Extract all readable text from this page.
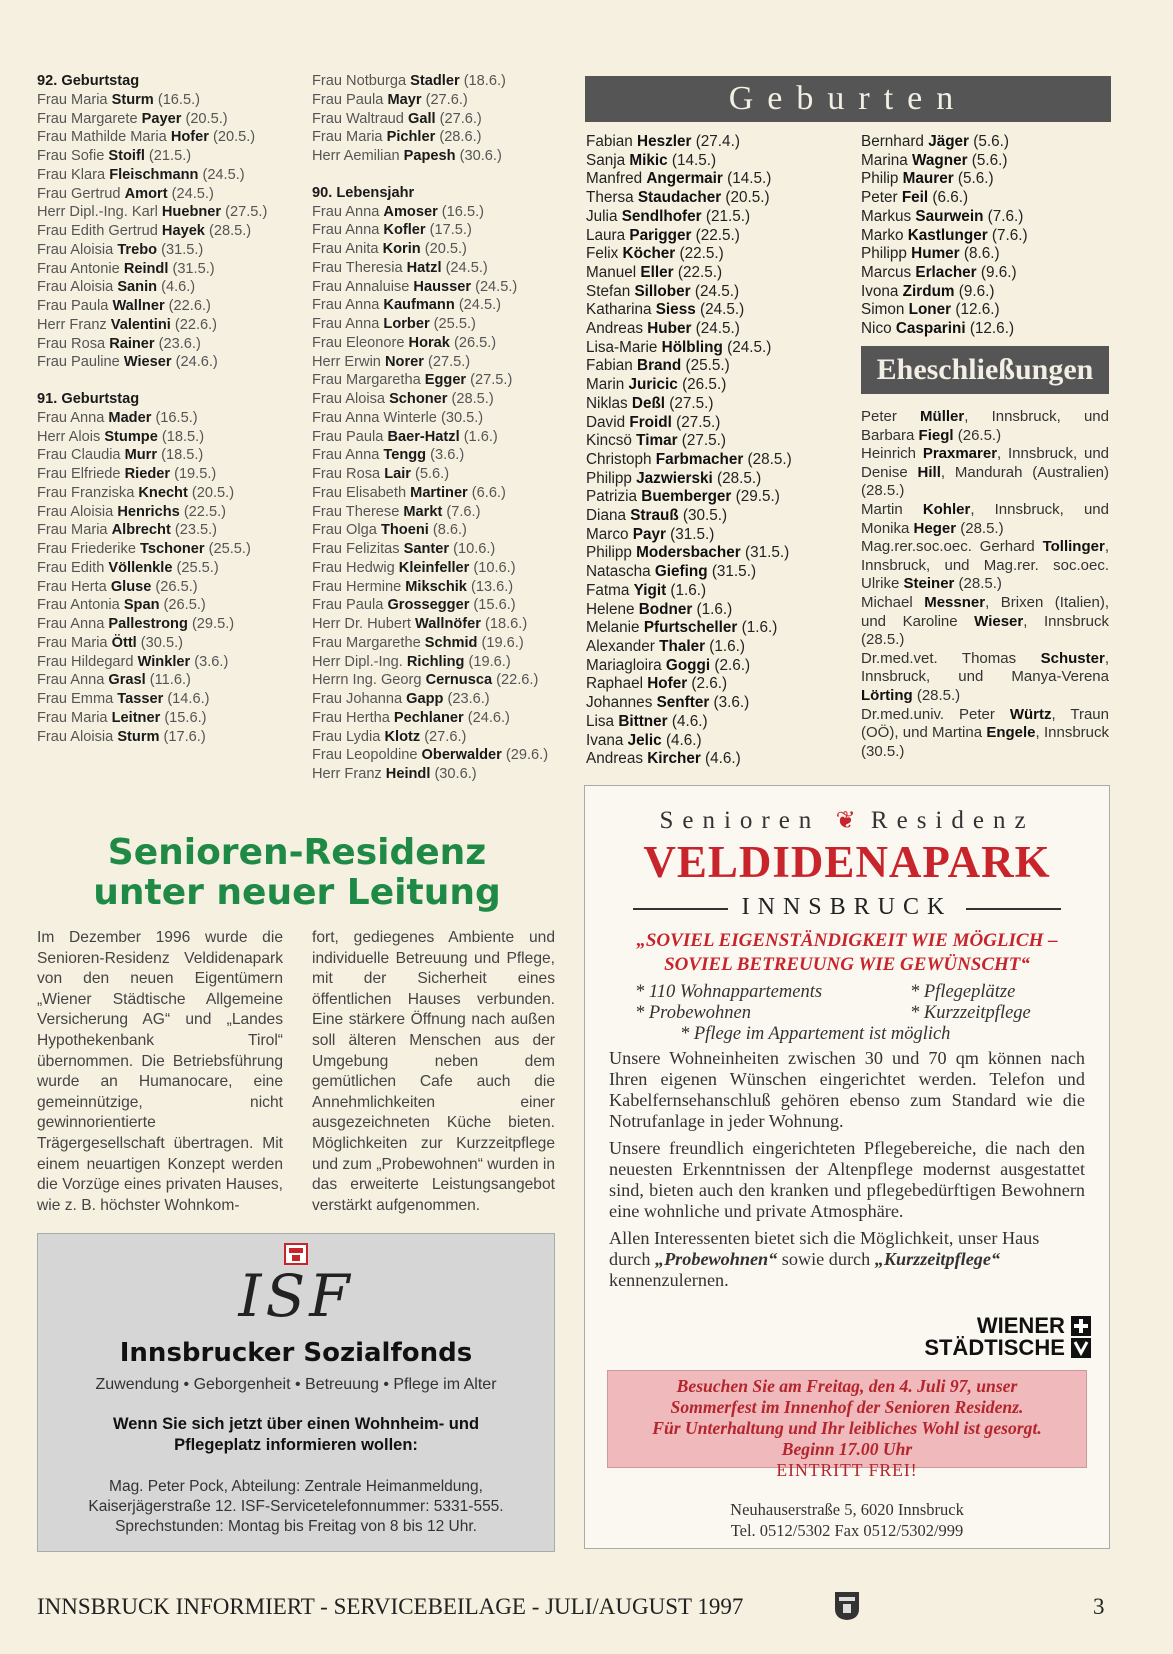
92. Geburtstag
Frau Maria Sturm (16.5.)
Frau Margarete Payer (20.5.)
Frau Mathilde Maria Hofer (20.5.)
Frau Sofie Stoifl (21.5.)
Frau Klara Fleischmann (24.5.)
Frau Gertrud Amort (24.5.)
Herr Dipl.-Ing. Karl Huebner (27.5.)
Frau Edith Gertrud Hayek (28.5.)
Frau Aloisia Trebo (31.5.)
Frau Antonie Reindl (31.5.)
Frau Aloisia Sanin (4.6.)
Frau Paula Wallner (22.6.)
Herr Franz Valentini (22.6.)
Frau Rosa Rainer (23.6.)
Frau Pauline Wieser (24.6.)
91. Geburtstag
Frau Anna Mader (16.5.)
Herr Alois Stumpe (18.5.)
Frau Claudia Murr (18.5.)
Frau Elfriede Rieder (19.5.)
Frau Franziska Knecht (20.5.)
Frau Aloisia Henrichs (22.5.)
Frau Maria Albrecht (23.5.)
Frau Friederike Tschoner (25.5.)
Frau Edith Völlenkle (25.5.)
Frau Herta Gluse (26.5.)
Frau Antonia Span (26.5.)
Frau Anna Pallestrong (29.5.)
Frau Maria Öttl (30.5.)
Frau Hildegard Winkler (3.6.)
Frau Anna Grasl (11.6.)
Frau Emma Tasser (14.6.)
Frau Maria Leitner (15.6.)
Frau Aloisia Sturm (17.6.)
Frau Notburga Stadler (18.6.)
Frau Paula Mayr (27.6.)
Frau Waltraud Gall (27.6.)
Frau Maria Pichler (28.6.)
Herr Aemilian Papesh (30.6.)
90. Lebensjahr
Frau Anna Amoser (16.5.)
Frau Anna Kofler (17.5.)
Frau Anita Korin (20.5.)
Frau Theresia Hatzl (24.5.)
Frau Annaluise Hausser (24.5.)
Frau Anna Kaufmann (24.5.)
Frau Anna Lorber (25.5.)
Frau Eleonore Horak (26.5.)
Herr Erwin Norer (27.5.)
Frau Margaretha Egger (27.5.)
Frau Aloisa Schoner (28.5.)
Frau Anna Winterle (30.5.)
Frau Paula Baer-Hatzl (1.6.)
Frau Anna Tengg (3.6.)
Frau Rosa Lair (5.6.)
Frau Elisabeth Martiner (6.6.)
Frau Therese Markt (7.6.)
Frau Olga Thoeni (8.6.)
Frau Felizitas Santer (10.6.)
Frau Hedwig Kleinfeller (10.6.)
Frau Hermine Mikschik (13.6.)
Frau Paula Grossegger (15.6.)
Herr Dr. Hubert Wallnöfer (18.6.)
Frau Margarethe Schmid (19.6.)
Herr Dipl.-Ing. Richling (19.6.)
Herrn Ing. Georg Cernusca (22.6.)
Frau Johanna Gapp (23.6.)
Frau Hertha Pechlaner (24.6.)
Frau Lydia Klotz (27.6.)
Frau Leopoldine Oberwalder (29.6.)
Herr Franz Heindl (30.6.)
Geburten
Fabian Heszler (27.4.)
Sanja Mikic (14.5.)
Manfred Angermair (14.5.)
Thersa Staudacher (20.5.)
Julia Sendlhofer (21.5.)
Laura Parigger (22.5.)
Felix Köcher (22.5.)
Manuel Eller (22.5.)
Stefan Sillober (24.5.)
Katharina Siess (24.5.)
Andreas Huber (24.5.)
Lisa-Marie Hölbling (24.5.)
Fabian Brand (25.5.)
Marin Juricic (26.5.)
Niklas Deßl (27.5.)
David Froidl (27.5.)
Kincsö Timar (27.5.)
Christoph Farbmacher (28.5.)
Philipp Jazwierski (28.5.)
Patrizia Buemberger (29.5.)
Diana Strauß (30.5.)
Marco Payr (31.5.)
Philipp Modersbacher (31.5.)
Natascha Giefing (31.5.)
Fatma Yigit (1.6.)
Helene Bodner (1.6.)
Melanie Pfurtscheller (1.6.)
Alexander Thaler (1.6.)
Mariagloira Goggi (2.6.)
Raphael Hofer (2.6.)
Johannes Senfter (3.6.)
Lisa Bittner (4.6.)
Ivana Jelic (4.6.)
Andreas Kircher (4.6.)
Bernhard Jäger (5.6.)
Marina Wagner (5.6.)
Philip Maurer (5.6.)
Peter Feil (6.6.)
Markus Saurwein (7.6.)
Marko Kastlunger (7.6.)
Philipp Humer (8.6.)
Marcus Erlacher (9.6.)
Ivona Zirdum (9.6.)
Simon Loner (12.6.)
Nico Casparini (12.6.)
Eheschließungen

Peter Müller, Innsbruck, und Barbara Fiegl (26.5.)

Heinrich Praxmarer, Innsbruck, und Denise Hill, Mandurah (Australien) (28.5.)

Martin Kohler, Innsbruck, und Monika Heger (28.5.)

Mag.rer.soc.oec. Gerhard Tollinger, Innsbruck, und Mag.rer. soc.oec. Ulrike Steiner (28.5.)

Michael Messner, Brixen (Italien), und Karoline Wieser, Innsbruck (28.5.)

Dr.med.vet. Thomas Schuster, Innsbruck, und Manya-Verena Lörting (28.5.)

Dr.med.univ. Peter Würtz, Traun (OÖ), und Martina Engele, Innsbruck (30.5.)

Senioren-Residenz
unter neuer Leitung
Im Dezember 1996 wurde die Senioren-Residenz Veldidenapark von den neuen Eigentümern „Wiener Städtische Allgemeine Versicherung AG“ und „Landes Hypothekenbank Tirol“ übernommen. Die Betriebsführung wurde an Humanocare, eine gemeinnützige, nicht gewinnorientierte Trägergesellschaft übertragen. Mit einem neuartigen Konzept werden die Vorzüge eines privaten Hauses, wie z. B. höchster Wohnkom-
fort, gediegenes Ambiente und individuelle Betreuung und Pflege, mit der Sicherheit eines öffentlichen Hauses verbunden. Eine stärkere Öffnung nach außen soll älteren Menschen aus der Umgebung neben dem gemütlichen Cafe auch die Annehmlichkeiten einer ausgezeichneten Küche bieten. Möglichkeiten zur Kurzzeitpflege und zum „Probewohnen“ wurden in das erweiterte Leistungsangebot verstärkt aufgenommen.
ISF
Innsbrucker Sozialfonds
Zuwendung • Geborgenheit • Betreuung • Pflege im Alter
Wenn Sie sich jetzt über einen Wohnheim- und Pflegeplatz informieren wollen:
Mag. Peter Pock, Abteilung: Zentrale Heimanmeldung,
Kaiserjägerstraße 12. ISF-Servicetelefonnummer: 5331-555.
Sprechstunden: Montag bis Freitag von 8 bis 12 Uhr.
Senioren ❦ Residenz
VELDIDENAPARK
INNSBRUCK
„SOVIEL EIGENSTÄNDIGKEIT WIE MÖGLICH –
SOVIEL BETREUUNG WIE GEWÜNSCHT“
* 110 Wohnappartements	* Pflegeplätze
* Probewohnen	* Kurzzeitpflege
* Pflege im Appartement ist möglich

Unsere Wohneinheiten zwischen 30 und 70 qm können nach Ihren eigenen Wünschen eingerichtet werden. Telefon und Kabelfernsehanschluß gehören ebenso zum Standard wie die Notrufanlage in jeder Wohnung.

Unsere freundlich eingerichteten Pflegebereiche, die nach den neuesten Erkenntnissen der Altenpflege modernst ausgestattet sind, bieten auch den kranken und pflegebedürftigen Bewohnern eine wohnliche und private Atmosphäre.

Allen Interessenten bietet sich die Möglichkeit, unser Haus durch „Probewohnen“ sowie durch „Kurzzeitpflege“ kennenzulernen.

WIENER
STÄDTISCHE
Besuchen Sie am Freitag, den 4. Juli 97, unser
Sommerfest im Innenhof der Senioren Residenz.
Für Unterhaltung und Ihr leibliches Wohl ist gesorgt.
Beginn 17.00 Uhr
EINTRITT FREI!
Neuhauserstraße 5, 6020 Innsbruck
Tel. 0512/5302 Fax 0512/5302/999
INNSBRUCK INFORMIERT - SERVICEBEILAGE - JULI/AUGUST 1997	3
